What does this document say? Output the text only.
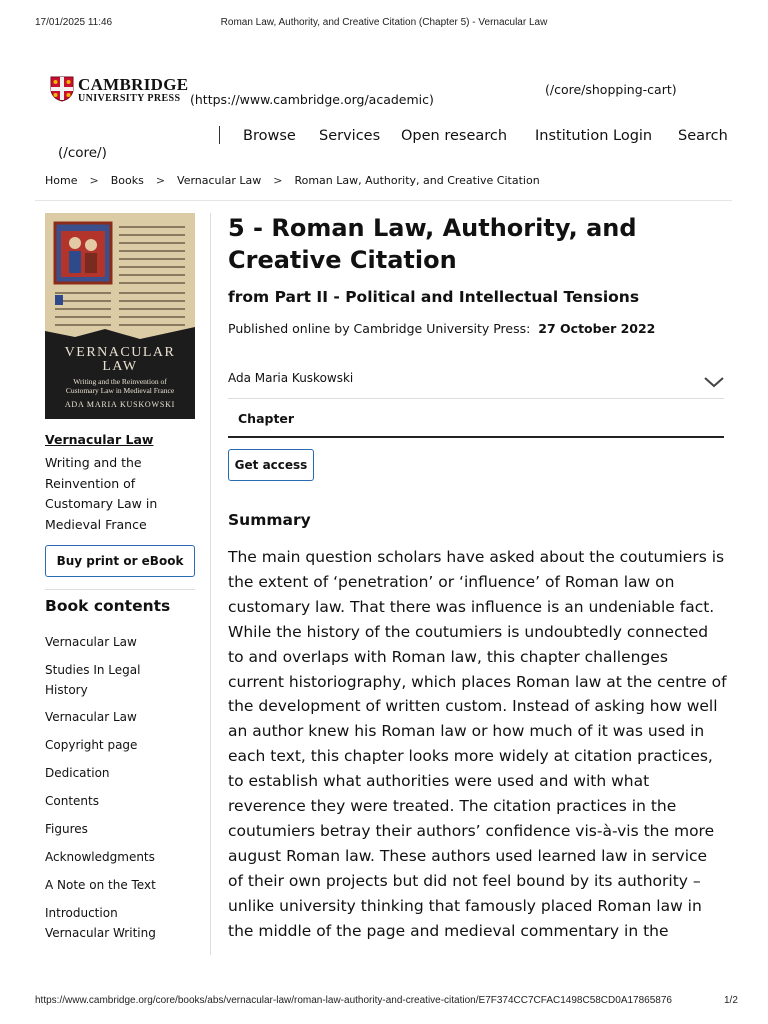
17/01/2025 11:46	Roman Law, Authority, and Creative Citation (Chapter 5) - Vernacular Law
CAMBRIDGE
UNIVERSITY PRESS (https://www.cambridge.org/academic)
(/core/shopping-cart)
Browse Services Open research Institution Login Search
(/core/)
Home > Books > Vernacular Law > Roman Law, Authority, and Creative Citation
VERNACULAR
LAW
Writing and the Reinvention of
Customary Law in Medieval France
ADA MARIA KUSKOWSKI
Vernacular Law
Writing and the
Reinvention of
Customary Law in
Medieval France
Buy print or eBook
Book contents
Vernacular Law
Studies In Legal
History
Vernacular Law
Copyright page
Dedication
Contents
Figures
Acknowledgments
A Note on the Text
Introduction
Vernacular Writing
5 - Roman Law, Authority, and
Creative Citation
from Part II - Political and Intellectual Tensions
Published online by Cambridge University Press: 27 October 2022
Ada Maria Kuskowski
Chapter
Get access
Summary
The main question scholars have asked about the coutumiers is
the extent of ‘penetration’ or ‘influence’ of Roman law on
customary law. That there was influence is an undeniable fact.
While the history of the coutumiers is undoubtedly connected
to and overlaps with Roman law, this chapter challenges
current historiography, which places Roman law at the centre of
the development of written custom. Instead of asking how well
an author knew his Roman law or how much of it was used in
each text, this chapter looks more widely at citation practices,
to establish what authorities were used and with what
reverence they were treated. The citation practices in the
coutumiers betray their authors’ confidence vis-à-vis the more
august Roman law. These authors used learned law in service
of their own projects but did not feel bound by its authority –
unlike university thinking that famously placed Roman law in
the middle of the page and medieval commentary in the
https://www.cambridge.org/core/books/abs/vernacular-law/roman-law-authority-and-creative-citation/E7F374CC7CFAC1498C58CD0A17865876	1/2
